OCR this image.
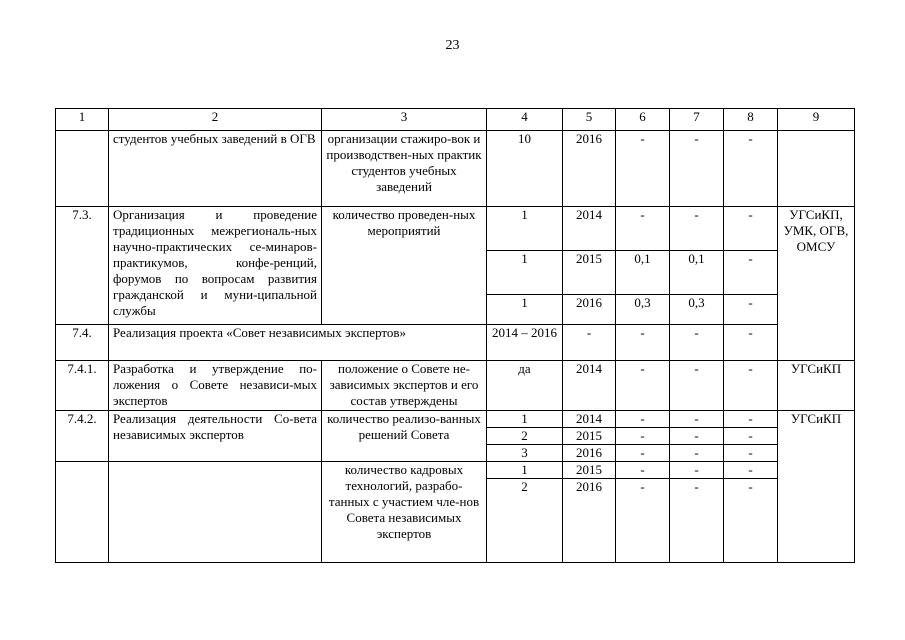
23
1	2	3	4	5	6	7	8	9
	студентов учебных заведений в ОГВ	организации стажиро-вок и производствен-ных практик студентов учебных заведений	10	2016	-	-	-	
7.3.	Организация и проведение традиционных межрегиональ-ных научно-практических се-минаров-практикумов, конфе-ренций, форумов по вопросам развития гражданской и муни-ципальной службы	количество проведен-ных мероприятий	1	2014	-	-	-	УГСиКП, УМК, ОГВ, ОМСУ
			1	2015	0,1	0,1	-	
			1	2016	0,3	0,3	-	
7.4.	Реализация проекта «Совет независимых экспертов»		2014 – 2016	-	-	-	-	
7.4.1.	Разработка и утверждение по-ложения о Совете независи-мых экспертов	положение о Совете не-зависимых экспертов и его состав утверждены	да	2014	-	-	-	УГСиКП
7.4.2.	Реализация деятельности Со-вета независимых экспертов	количество реализо-ванных решений Совета	1	2014	-	-	-	УГСиКП
			2	2015	-	-	-	
			3	2016	-	-	-	
		количество кадровых технологий, разрабо-танных с участием чле-нов Совета независимых экспертов	1	2015	-	-	-	
			2	2016	-	-	-	
